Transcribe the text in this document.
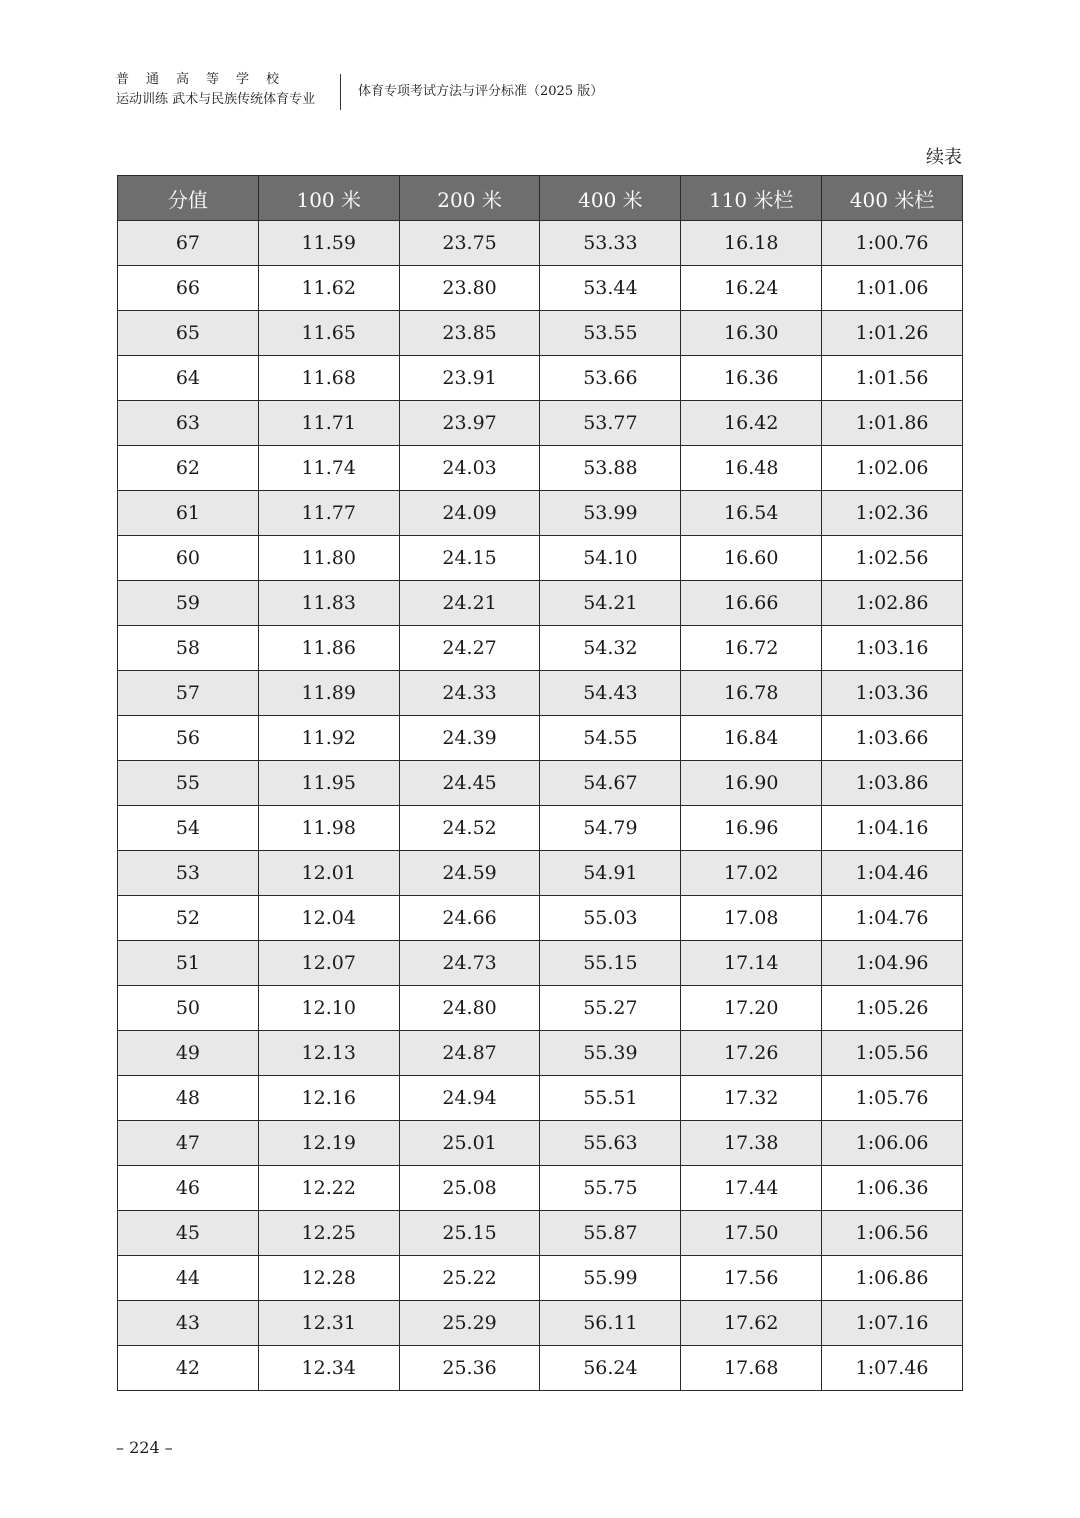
普通高等学校
运动训练 武术与民族传统体育专业
体育专项考试方法与评分标准（2025 版）
续表
分值	100 米	200 米	400 米	110 米栏	400 米栏
67	11.59	23.75	53.33	16.18	1:00.76
66	11.62	23.80	53.44	16.24	1:01.06
65	11.65	23.85	53.55	16.30	1:01.26
64	11.68	23.91	53.66	16.36	1:01.56
63	11.71	23.97	53.77	16.42	1:01.86
62	11.74	24.03	53.88	16.48	1:02.06
61	11.77	24.09	53.99	16.54	1:02.36
60	11.80	24.15	54.10	16.60	1:02.56
59	11.83	24.21	54.21	16.66	1:02.86
58	11.86	24.27	54.32	16.72	1:03.16
57	11.89	24.33	54.43	16.78	1:03.36
56	11.92	24.39	54.55	16.84	1:03.66
55	11.95	24.45	54.67	16.90	1:03.86
54	11.98	24.52	54.79	16.96	1:04.16
53	12.01	24.59	54.91	17.02	1:04.46
52	12.04	24.66	55.03	17.08	1:04.76
51	12.07	24.73	55.15	17.14	1:04.96
50	12.10	24.80	55.27	17.20	1:05.26
49	12.13	24.87	55.39	17.26	1:05.56
48	12.16	24.94	55.51	17.32	1:05.76
47	12.19	25.01	55.63	17.38	1:06.06
46	12.22	25.08	55.75	17.44	1:06.36
45	12.25	25.15	55.87	17.50	1:06.56
44	12.28	25.22	55.99	17.56	1:06.86
43	12.31	25.29	56.11	17.62	1:07.16
42	12.34	25.36	56.24	17.68	1:07.46
– 224 –
